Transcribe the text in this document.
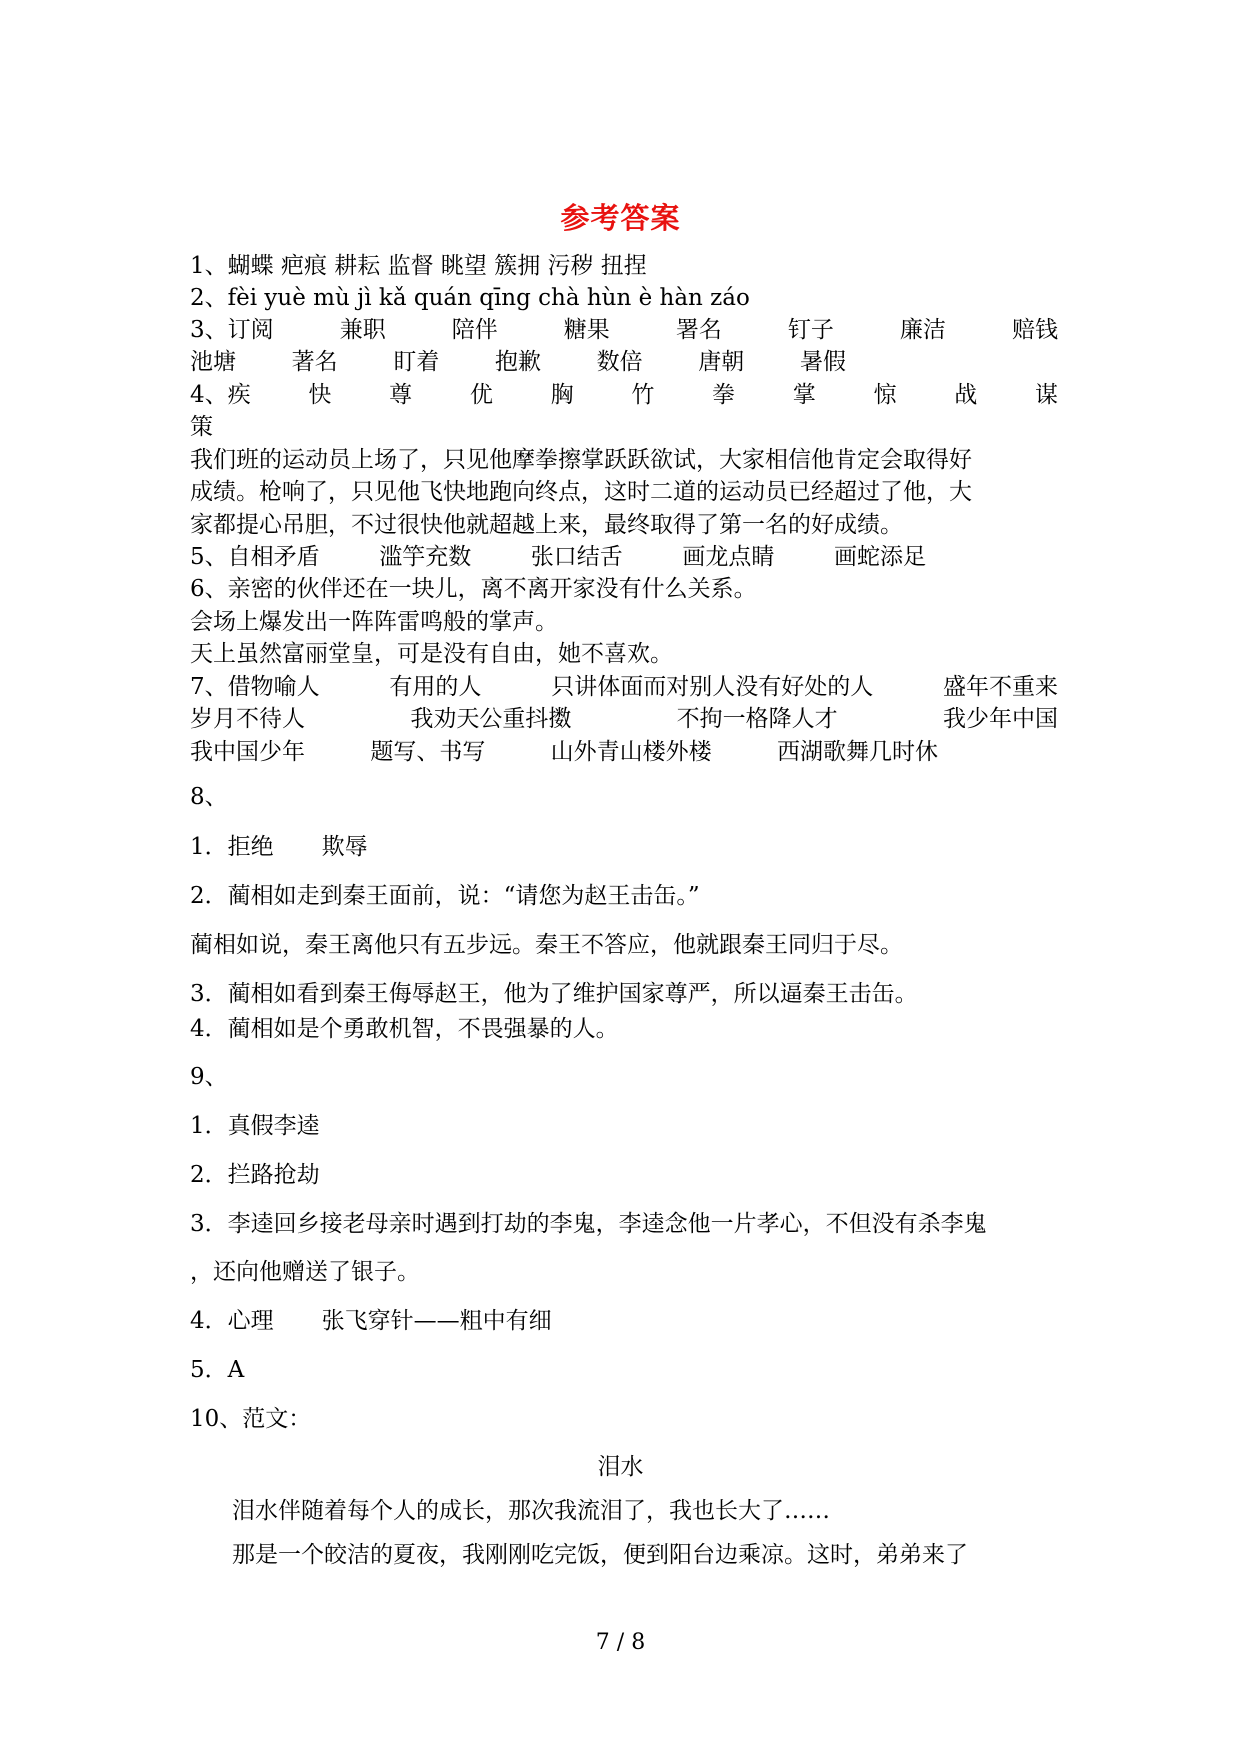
参考答案
1、蝴蝶 疤痕 耕耘 监督 眺望 簇拥 污秽 扭捏
2、fèi yuè mù jì kǎ quán qīng chà hùn è hàn záo
3、订阅	兼职	陪伴	糖果	署名	钉子	廉洁	赔钱
池塘 著名 盯着 抱歉 数倍 唐朝 暑假
4、疾	快	尊	优	胸	竹	拳	掌	惊	战	谋
策
我们班的运动员上场了，只见他摩拳擦掌跃跃欲试，大家相信他肯定会取得好
成绩。枪响了，只见他飞快地跑向终点，这时二道的运动员已经超过了他，大
家都提心吊胆，不过很快他就超越上来，最终取得了第一名的好成绩。
5、自相矛盾	滥竽充数	张口结舌	画龙点睛	画蛇添足
6、亲密的伙伴还在一块儿，离不离开家没有什么关系。
会场上爆发出一阵阵雷鸣般的掌声。
天上虽然富丽堂皇，可是没有自由，她不喜欢。
7、借物喻人	有用的人	只讲体面而对别人没有好处的人	盛年不重来
岁月不待人	我劝天公重抖擞	不拘一格降人才	我少年中国
我中国少年	题写、书写	山外青山楼外楼	西湖歌舞几时休
8、
1．拒绝 欺辱
2．蔺相如走到秦王面前，说：“请您为赵王击缶。”
蔺相如说，秦王离他只有五步远。秦王不答应，他就跟秦王同归于尽。
3．蔺相如看到秦王侮辱赵王，他为了维护国家尊严，所以逼秦王击缶。
4．蔺相如是个勇敢机智，不畏强暴的人。
9、
1．真假李逵
2．拦路抢劫
3．李逵回乡接老母亲时遇到打劫的李鬼，李逵念他一片孝心，不但没有杀李鬼
，还向他赠送了银子。
4．心理 张飞穿针——粗中有细
5．A
10、范文：
泪水
泪水伴随着每个人的成长，那次我流泪了，我也长大了……
那是一个皎洁的夏夜，我刚刚吃完饭，便到阳台边乘凉。这时，弟弟来了
7 / 8
